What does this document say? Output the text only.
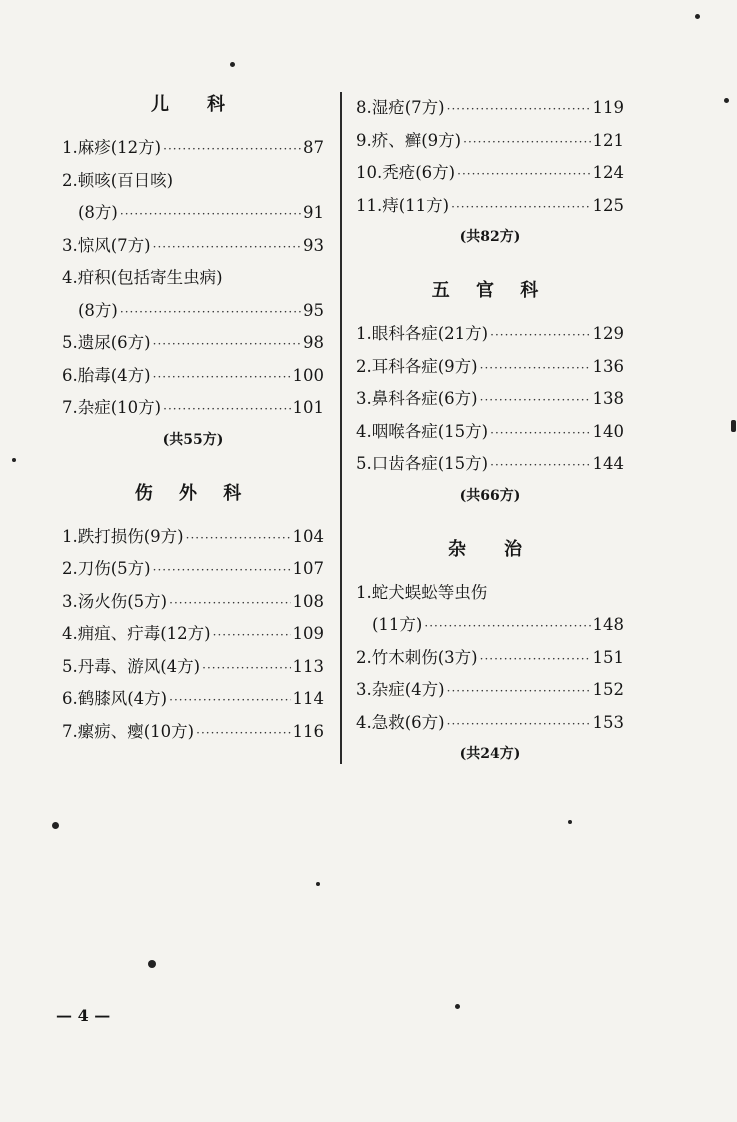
儿　科
1.麻疹(12方) ·····	87
2.顿咳(百日咳)
(8方) ·····	91
3.惊风(7方) ·····	93
4.疳积(包括寄生虫病)
(8方) ·····	95
5.遗尿(6方) ·····	98
6.胎毒(4方) ·····	100
7.杂症(10方) ·····	101
(共55方)
伤 外 科
1.跌打损伤(9方) ·····	104
2.刀伤(5方) ·····	107
3.汤火伤(5方) ·····	108
4.痈疽、疔毒(12方) ·····	109
5.丹毒、游风(4方) ·····	113
6.鹤膝风(4方) ·····	114
7.瘰疬、瘿(10方) ·····	116
8.湿疮(7方) ·····	119
9.疥、癣(9方) ·····	121
10.秃疮(6方) ·····	124
11.痔(11方) ·····	125
(共82方)
五 官 科
1.眼科各症(21方) ·····	129
2.耳科各症(9方) ·····	136
3.鼻科各症(6方) ·····	138
4.咽喉各症(15方) ·····	140
5.口齿各症(15方) ·····	144
(共66方)
杂　治
1.蛇犬蜈蚣等虫伤
(11方) ·····	148
2.竹木刺伤(3方) ·····	151
3.杂症(4方) ·····	152
4.急救(6方) ·····	153
(共24方)
— 4 —
